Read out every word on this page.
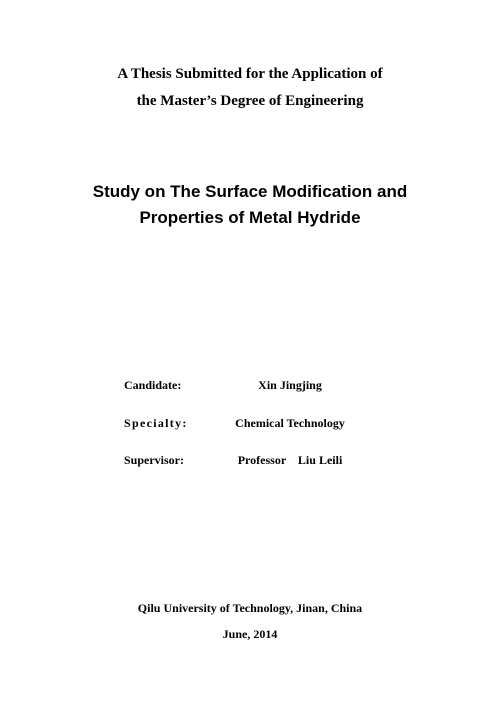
A Thesis Submitted for the Application of
the Master’s Degree of Engineering
Study on The Surface Modification and
Properties of Metal Hydride
Candidate:	Xin Jingjing
Specialty:	Chemical Technology
Supervisor:	Professor    Liu Leili
Qilu University of Technology, Jinan, China
June, 2014
